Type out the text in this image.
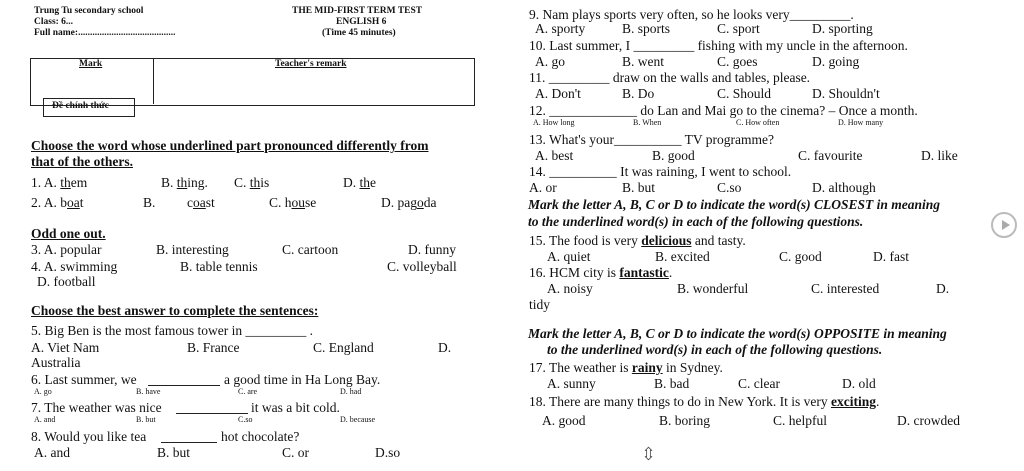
Trung Tu secondary school
Class: 6...
Full name:.........................................
THE MID-FIRST TERM TEST
ENGLISH 6
(Time 45 minutes)
Mark	Teacher's remark
Đề chính thức
Choose the word whose underlined part pronounced differently from
that of the others.
1. A. them	B. thing. C. this	D. the
2. A. boat	B. coast	C. house	D. pagoda
Odd one out.
3. A. popular	B. interesting	C. cartoon	D. funny
4. A. swimming	B. table tennis	C. volleyball
D. football
Choose the best answer to complete the sentences:
5. Big Ben is the most famous tower in _________ .
A. Viet Nam	B. France	C. England	D.
Australia
6. Last summer, we	a good time in Ha Long Bay.
A. go	B. have	C. are	D. had
7. The weather was nice	it was a bit cold.
A. and	B. but	C.so	D. because
8. Would you like tea	hot chocolate?
A. and	B. but	C. or	D.so
9. Nam plays sports very often, so he looks very_________.
A. sporty	B. sports	C. sport	D. sporting
10. Last summer, I _________ fishing with my uncle in the afternoon.
A. go	B. went	C. goes	D. going
11. _________ draw on the walls and tables, please.
A. Don't	B. Do	C. Should	D. Shouldn't
12. _____________ do Lan and Mai go to the cinema? – Once a month.
A. How long	B. When	C. How often	D. How many
13. What's your__________ TV programme?
A. best	B. good	C. favourite	D. like
14. __________ It was raining, I went to school.
A. or	B. but	C.so	D. although
Mark the letter A, B, C or D to indicate the word(s) CLOSEST in meaning
to the underlined word(s) in each of the following questions.
15. The food is very delicious and tasty.
A. quiet	B. excited	C. good	D. fast
16. HCM city is fantastic.
A. noisy	B. wonderful	C. interested	D.
tidy
Mark the letter A, B, C or D to indicate the word(s) OPPOSITE in meaning
to the underlined word(s) in each of the following questions.
17. The weather is rainy in Sydney.
A. sunny	B. bad	C. clear	D. old
18. There are many things to do in New York. It is very exciting.
A. good	B. boring	C. helpful	D. crowded
⇳
